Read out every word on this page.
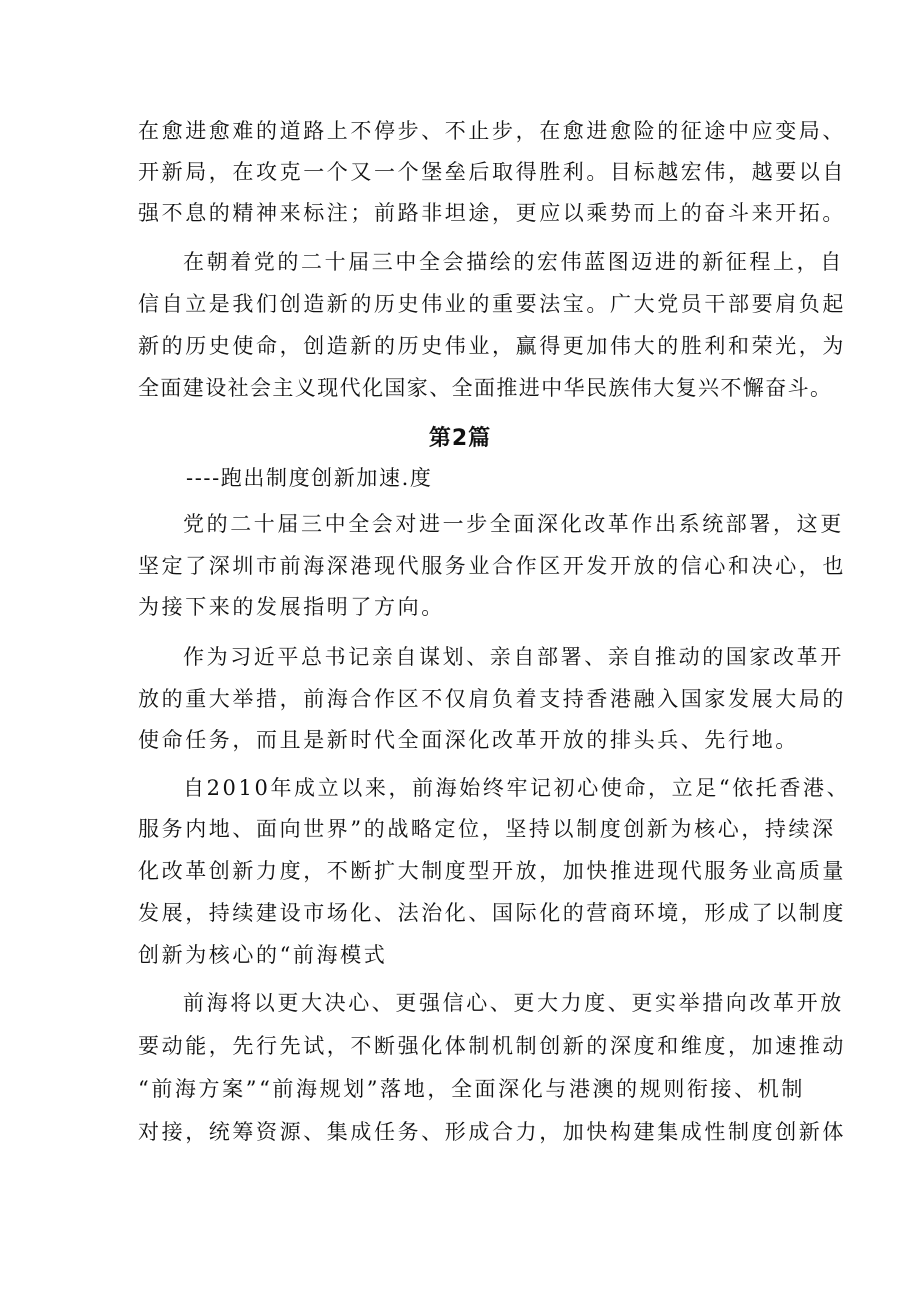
在愈进愈难的道路上不停步、不止步，在愈进愈险的征途中应变局、
开新局，在攻克一个又一个堡垒后取得胜利。目标越宏伟，越要以自
强不息的精神来标注；前路非坦途，更应以乘势而上的奋斗来开拓。
在朝着党的二十届三中全会描绘的宏伟蓝图迈进的新征程上，自
信自立是我们创造新的历史伟业的重要法宝。广大党员干部要肩负起
新的历史使命，创造新的历史伟业，赢得更加伟大的胜利和荣光，为
全面建设社会主义现代化国家、全面推进中华民族伟大复兴不懈奋斗。
第2篇
----跑出制度创新加速.度
党的二十届三中全会对进一步全面深化改革作出系统部署，这更
坚定了深圳市前海深港现代服务业合作区开发开放的信心和决心，也
为接下来的发展指明了方向。
作为习近平总书记亲自谋划、亲自部署、亲自推动的国家改革开
放的重大举措，前海合作区不仅肩负着支持香港融入国家发展大局的
使命任务，而且是新时代全面深化改革开放的排头兵、先行地。
自2010年成立以来，前海始终牢记初心使命，立足“依托香港、
服务内地、面向世界”的战略定位，坚持以制度创新为核心，持续深
化改革创新力度，不断扩大制度型开放，加快推进现代服务业高质量
发展，持续建设市场化、法治化、国际化的营商环境，形成了以制度
创新为核心的“前海模式
前海将以更大决心、更强信心、更大力度、更实举措向改革开放
要动能，先行先试，不断强化体制机制创新的深度和维度，加速推动
“前海方案”“前海规划”落地，全面深化与港澳的规则衔接、机制
对接，统筹资源、集成任务、形成合力，加快构建集成性制度创新体
